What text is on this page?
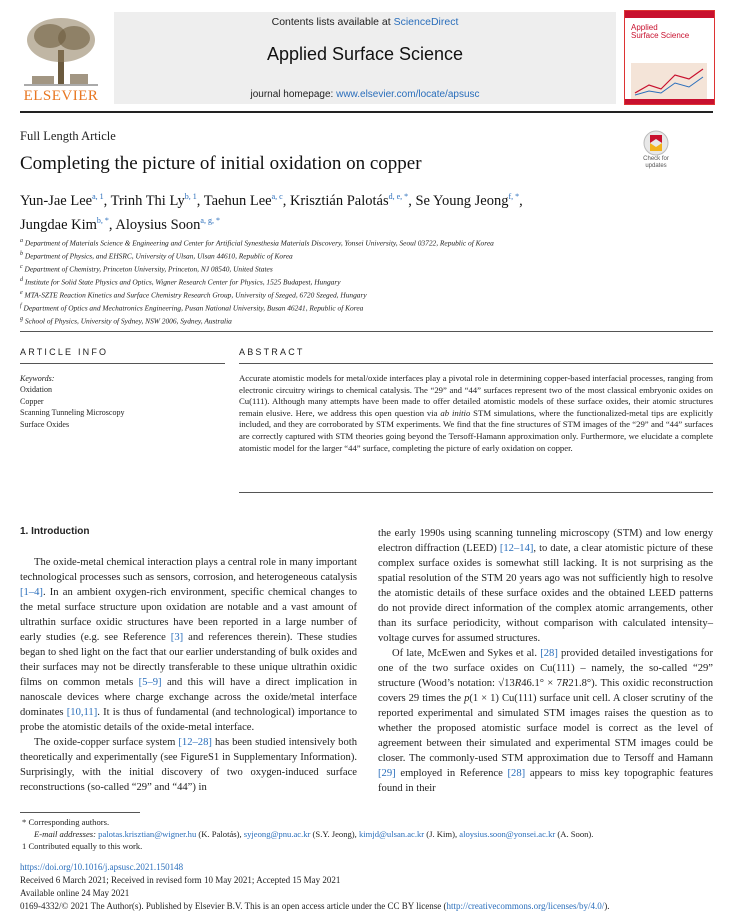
ELSEVIER
Contents lists available at ScienceDirect
Applied Surface Science
journal homepage: www.elsevier.com/locate/apsusc
Applied
Surface Science
Full Length Article
Completing the picture of initial oxidation on copper	Check for
updates
Yun-Jae Lee$^{a, 1}$, Trinh Thi Ly$^{b, 1}$, Taehun Lee$^{a, c}$, Krisztián Palotás$^{d, e, *}$, Se Young Jeong$^{f, *}$,
Jungdae Kim$^{b, *}$, Aloysius Soon$^{a, g, *}$
$^a$ Department of Materials Science & Engineering and Center for Artificial Synesthesia Materials Discovery, Yonsei University, Seoul 03722, Republic of Korea
$^b$ Department of Physics, and EHSRC, University of Ulsan, Ulsan 44610, Republic of Korea
$^c$ Department of Chemistry, Princeton University, Princeton, NJ 08540, United States
$^d$ Institute for Solid State Physics and Optics, Wigner Research Center for Physics, 1525 Budapest, Hungary
$^e$ MTA-SZTE Reaction Kinetics and Surface Chemistry Research Group, University of Szeged, 6720 Szeged, Hungary
$^f$ Department of Optics and Mechatronics Engineering, Pusan National University, Busan 46241, Republic of Korea
$^g$ School of Physics, University of Sydney, NSW 2006, Sydney, Australia
ARTICLE INFO
Keywords:
Oxidation
Copper
Scanning Tunneling Microscopy
Surface Oxides
ABSTRACT
Accurate atomistic models for metal/oxide interfaces play a pivotal role in determining copper-based interfacial processes, ranging from electronic circuitry wirings to chemical catalysis. The “29” and “44” surfaces represent two of the most classical embryonic oxides on Cu(111). Although many attempts have been made to offer detailed atomistic models of these surface oxides, their atomic structures remain elusive. Here, we address this open question via ab initio STM simulations, where the functionalized-metal tips are explicitly included, and they are corroborated by STM experiments. We find that the fine structures of STM images of the “29” and “44” surfaces are correctly captured with STM theories going beyond the Tersoff-Hamann approximation only. Furthermore, we elucidate a complete atomistic model for the larger “44” surface, completing the picture of early oxidation on copper.
1. Introduction

The oxide-metal chemical interaction plays a central role in many important technological processes such as sensors, corrosion, and heterogeneous catalysis [1–4]. In an ambient oxygen-rich environment, specific chemical changes to the metal surface structure upon oxidation are notable and a vast amount of ultrathin surface oxidic structures have been reported in a large number of early studies (e.g. see Reference [3] and references therein). These studies began to shed light on the fact that our earlier understanding of bulk oxides and their surfaces may not be directly transferable to these unique ultrathin oxidic films on common metals [5–9] and this will have a direct implication in nanoscale devices where charge exchange across the oxide/metal interface dominates [10,11]. It is thus of fundamental (and technological) importance to probe the atomistic details of the oxide-metal interface.

The oxide-copper surface system [12–28] has been studied intensively both theoretically and experimentally (see FigureS1 in Supplementary Information). Surprisingly, with the initial discovery of two oxygen-induced surface reconstructions (so-called “29” and “44”) in

the early 1990s using scanning tunneling microscopy (STM) and low energy electron diffraction (LEED) [12–14], to date, a clear atomistic picture of these complex surface oxides is somewhat still lacking. It is not surprising as the spatial resolution of the STM 20 years ago was not sufficiently high to resolve the atomistic details of these surface oxides and the obtained LEED patterns do not provide direct information of the complex atomic arrangements, other than its surface periodicity, without comparison with calculated intensity–voltage curves for assumed structures.

Of late, McEwen and Sykes et al. [28] provided detailed investigations for one of the two surface oxides on Cu(111) – namely, the so-called “29” structure (Wood’s notation: √13R46.1° × 7R21.8°). This oxidic reconstruction covers 29 times the p(1 × 1) Cu(111) surface unit cell. A closer scrutiny of the reported experimental and simulated STM images raises the question as to whether the proposed atomistic surface model is correct as the level of agreement between their simulated and experimental STM images could be closer. The commonly-used STM approximation due to Tersoff and Hamann [29] employed in Reference [28] appears to miss key topographic features found in their

* Corresponding authors.
E-mail addresses: palotas.krisztian@wigner.hu (K. Palotás), syjeong@pnu.ac.kr (S.Y. Jeong), kimjd@ulsan.ac.kr (J. Kim), aloysius.soon@yonsei.ac.kr (A. Soon).
1 Contributed equally to this work.
https://doi.org/10.1016/j.apsusc.2021.150148
Received 6 March 2021; Received in revised form 10 May 2021; Accepted 15 May 2021
Available online 24 May 2021
0169-4332/© 2021 The Author(s). Published by Elsevier B.V. This is an open access article under the CC BY license (http://creativecommons.org/licenses/by/4.0/).
